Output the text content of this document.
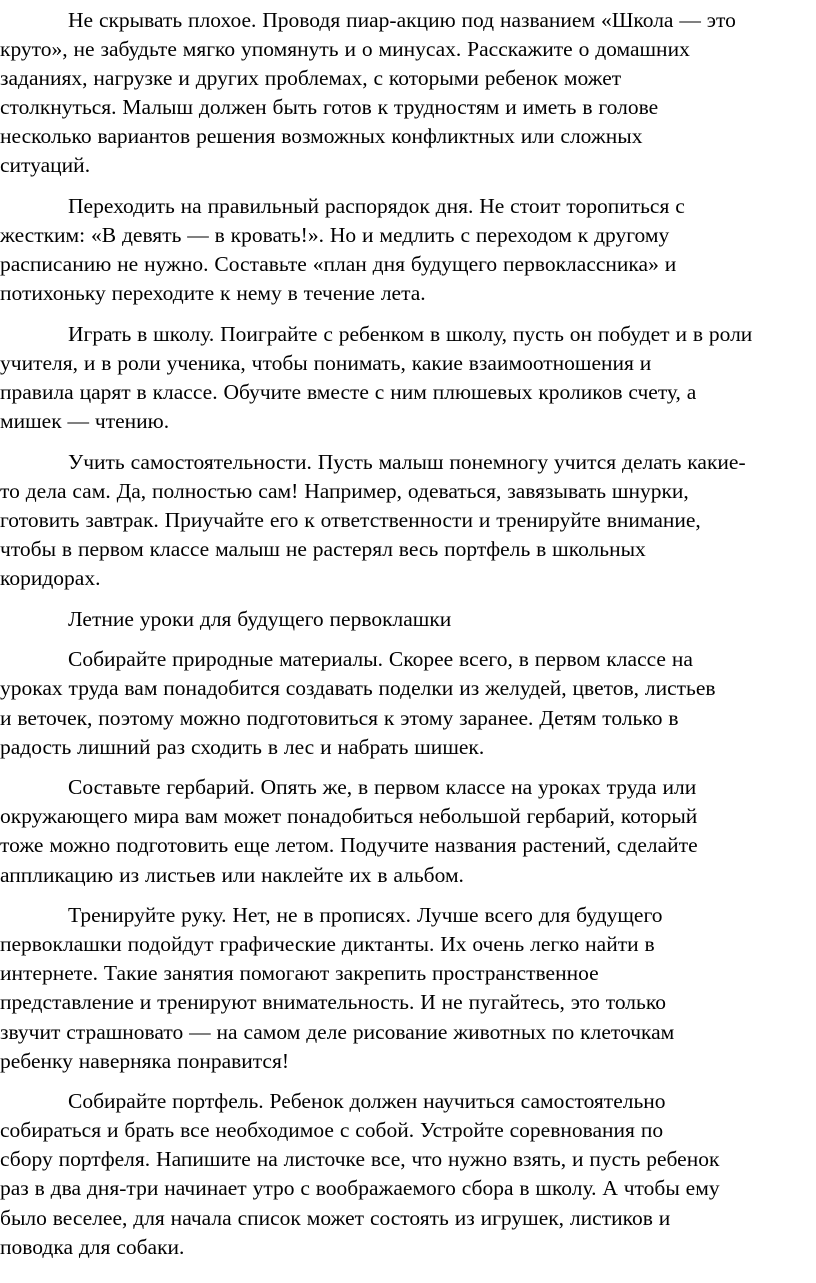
Не скрывать плохое. Проводя пиар-акцию под названием «Школа — это
круто», не забудьте мягко упомянуть и о минусах. Расскажите о домашних
заданиях, нагрузке и других проблемах, с которыми ребенок может
столкнуться. Малыш должен быть готов к трудностям и иметь в голове
несколько вариантов решения возможных конфликтных или сложных
ситуаций.
Переходить на правильный распорядок дня. Не стоит торопиться с
жестким: «В девять — в кровать!». Но и медлить с переходом к другому
расписанию не нужно. Составьте «план дня будущего первоклассника» и
потихоньку переходите к нему в течение лета.
Играть в школу. Поиграйте с ребенком в школу, пусть он побудет и в роли
учителя, и в роли ученика, чтобы понимать, какие взаимоотношения и
правила царят в классе. Обучите вместе с ним плюшевых кроликов счету, а
мишек — чтению.
Учить самостоятельности. Пусть малыш понемногу учится делать какие-
то дела сам. Да, полностью сам! Например, одеваться, завязывать шнурки,
готовить завтрак. Приучайте его к ответственности и тренируйте внимание,
чтобы в первом классе малыш не растерял весь портфель в школьных
коридорах.
Летние уроки для будущего первоклашки
Собирайте природные материалы. Скорее всего, в первом классе на
уроках труда вам понадобится создавать поделки из желудей, цветов, листьев
и веточек, поэтому можно подготовиться к этому заранее. Детям только в
радость лишний раз сходить в лес и набрать шишек.
Составьте гербарий. Опять же, в первом классе на уроках труда или
окружающего мира вам может понадобиться небольшой гербарий, который
тоже можно подготовить еще летом. Подучите названия растений, сделайте
аппликацию из листьев или наклейте их в альбом.
Тренируйте руку. Нет, не в прописях. Лучше всего для будущего
первоклашки подойдут графические диктанты. Их очень легко найти в
интернете. Такие занятия помогают закрепить пространственное
представление и тренируют внимательность. И не пугайтесь, это только
звучит страшновато — на самом деле рисование животных по клеточкам
ребенку наверняка понравится!
Собирайте портфель. Ребенок должен научиться самостоятельно
собираться и брать все необходимое с собой. Устройте соревнования по
сбору портфеля. Напишите на листочке все, что нужно взять, и пусть ребенок
раз в два дня-три начинает утро с воображаемого сбора в школу. А чтобы ему
было веселее, для начала список может состоять из игрушек, листиков и
поводка для собаки.
